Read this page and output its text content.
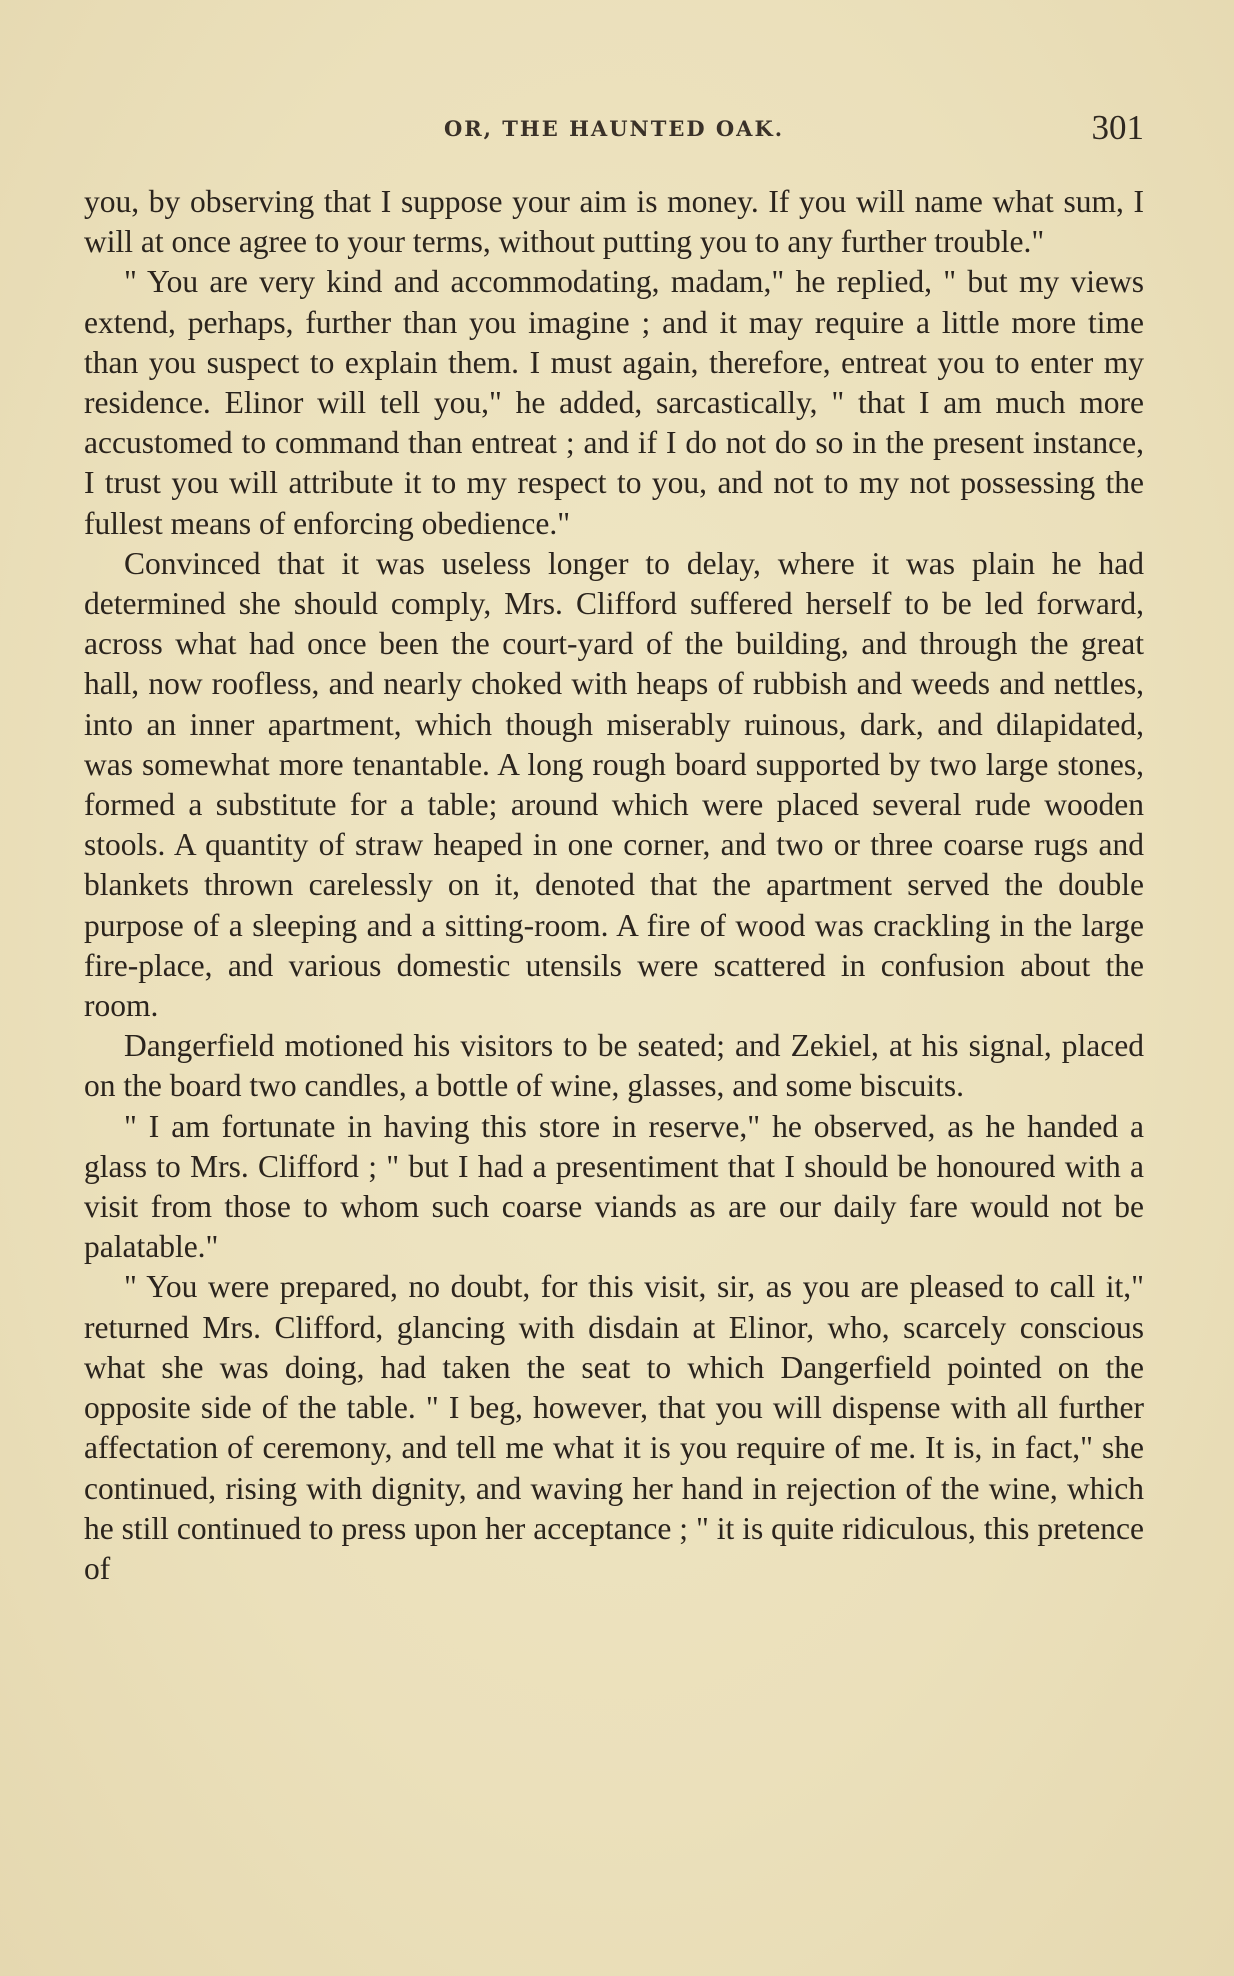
OR, THE HAUNTED OAK.	301

you, by observing that I suppose your aim is money. If you will name what sum, I will at once agree to your terms, without putting you to any further trouble."

" You are very kind and accommodating, madam," he replied, " but my views extend, perhaps, further than you imagine ; and it may require a little more time than you suspect to explain them. I must again, therefore, entreat you to enter my residence. Elinor will tell you," he added, sarcastically, " that I am much more accustomed to command than entreat ; and if I do not do so in the present instance, I trust you will attribute it to my respect to you, and not to my not possessing the fullest means of enforcing obedience."

Convinced that it was useless longer to delay, where it was plain he had determined she should comply, Mrs. Clifford suffered herself to be led forward, across what had once been the court-yard of the building, and through the great hall, now roofless, and nearly choked with heaps of rubbish and weeds and nettles, into an inner apartment, which though miserably ruinous, dark, and dilapidated, was somewhat more tenantable. A long rough board supported by two large stones, formed a substitute for a table; around which were placed several rude wooden stools. A quantity of straw heaped in one corner, and two or three coarse rugs and blankets thrown carelessly on it, denoted that the apartment served the double purpose of a sleeping and a sitting-room. A fire of wood was crackling in the large fire-place, and various domestic utensils were scattered in confusion about the room.

Dangerfield motioned his visitors to be seated; and Zekiel, at his signal, placed on the board two candles, a bottle of wine, glasses, and some biscuits.

" I am fortunate in having this store in reserve," he observed, as he handed a glass to Mrs. Clifford ; " but I had a presentiment that I should be honoured with a visit from those to whom such coarse viands as are our daily fare would not be palatable."

" You were prepared, no doubt, for this visit, sir, as you are pleased to call it," returned Mrs. Clifford, glancing with disdain at Elinor, who, scarcely conscious what she was doing, had taken the seat to which Dangerfield pointed on the opposite side of the table. " I beg, however, that you will dispense with all further affectation of ceremony, and tell me what it is you require of me. It is, in fact," she continued, rising with dignity, and waving her hand in rejection of the wine, which he still continued to press upon her acceptance ; " it is quite ridiculous, this pretence of
